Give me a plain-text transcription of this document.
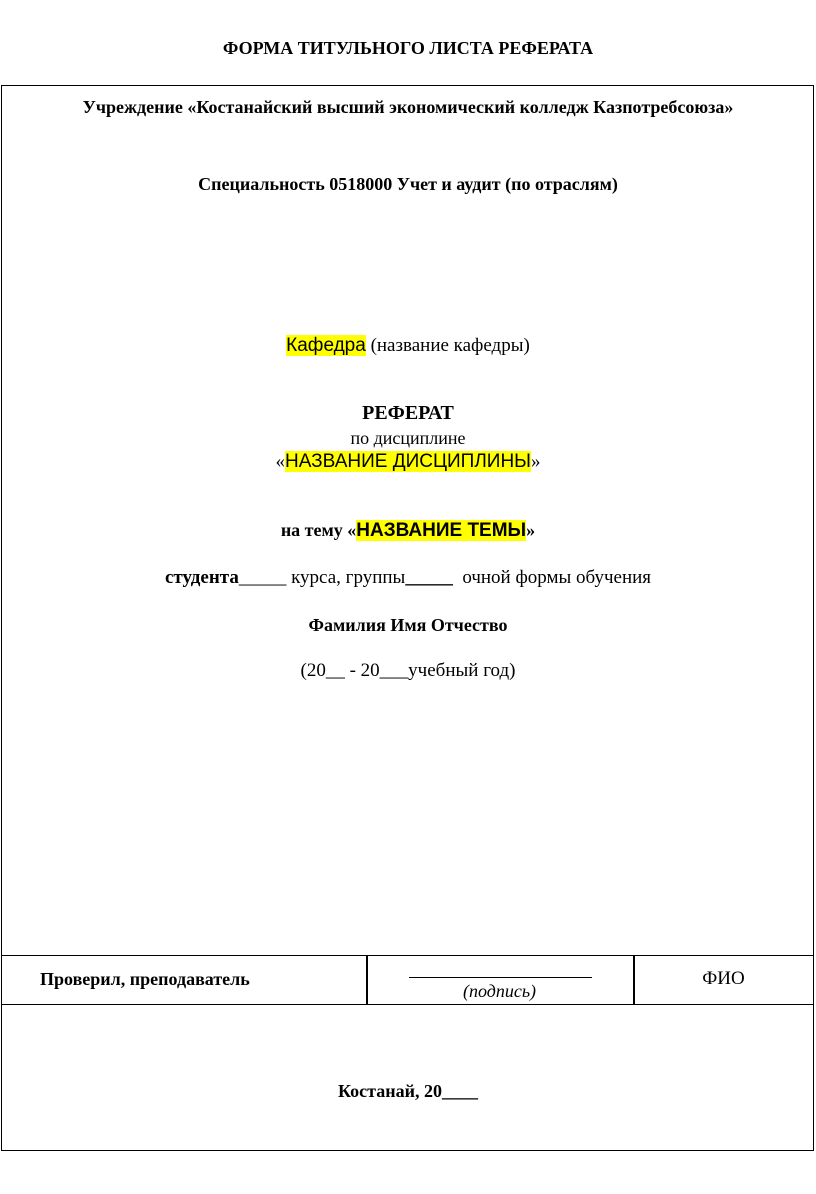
ФОРМА ТИТУЛЬНОГО ЛИСТА РЕФЕРАТА
Учреждение «Костанайский высший экономический колледж Казпотребсоюза»
Специальность 0518000 Учет и аудит (по отраслям)
Кафедра (название кафедры)
РЕФЕРАТ
по дисциплине
«НАЗВАНИЕ ДИСЦИПЛИНЫ»
на тему «НАЗВАНИЕ ТЕМЫ»
студента_____ курса, группы_____  очной формы обучения
Фамилия Имя Отчество
(20__ - 20___учебный год)
Проверил, преподаватель
(подпись)
ФИО
Костанай, 20____
